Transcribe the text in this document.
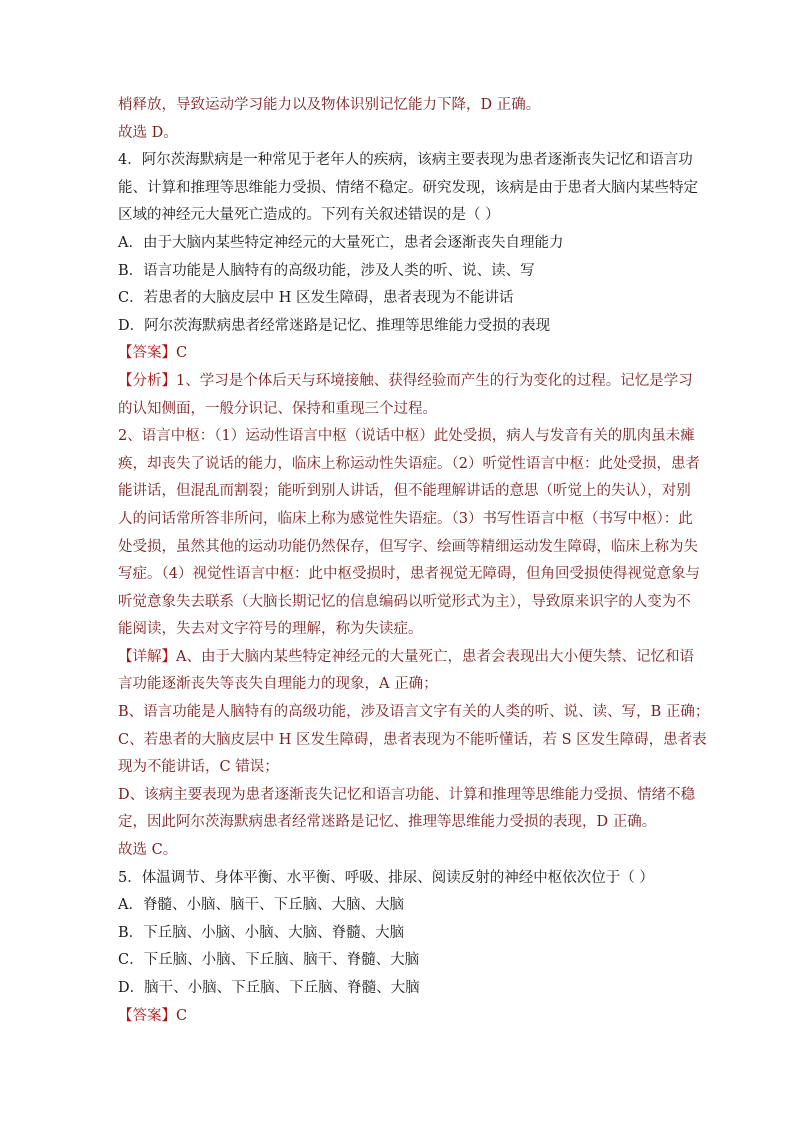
梢释放，导致运动学习能力以及物体识别记忆能力下降，D 正确。
故选 D。
4．阿尔茨海默病是一种常见于老年人的疾病，该病主要表现为患者逐渐丧失记忆和语言功
能、计算和推理等思维能力受损、情绪不稳定。研究发现，该病是由于患者大脑内某些特定
区域的神经元大量死亡造成的。下列有关叙述错误的是（ ）
A．由于大脑内某些特定神经元的大量死亡，患者会逐渐丧失自理能力
B．语言功能是人脑特有的高级功能，涉及人类的听、说、读、写
C．若患者的大脑皮层中 H 区发生障碍，患者表现为不能讲话
D．阿尔茨海默病患者经常迷路是记忆、推理等思维能力受损的表现
【答案】C
【分析】1、学习是个体后天与环境接触、获得经验而产生的行为变化的过程。记忆是学习
的认知侧面，一般分识记、保持和重现三个过程。
2、语言中枢：（1）运动性语言中枢（说话中枢）此处受损，病人与发音有关的肌肉虽未瘫
痪，却丧失了说话的能力，临床上称运动性失语症。（2）听觉性语言中枢：此处受损，患者
能讲话，但混乱而割裂；能听到别人讲话，但不能理解讲话的意思（听觉上的失认），对别
人的问话常所答非所问，临床上称为感觉性失语症。（3）书写性语言中枢（书写中枢）：此
处受损，虽然其他的运动功能仍然保存，但写字、绘画等精细运动发生障碍，临床上称为失
写症。（4）视觉性语言中枢：此中枢受损时，患者视觉无障碍，但角回受损使得视觉意象与
听觉意象失去联系（大脑长期记忆的信息编码以听觉形式为主），导致原来识字的人变为不
能阅读，失去对文字符号的理解，称为失读症。
【详解】A、由于大脑内某些特定神经元的大量死亡，患者会表现出大小便失禁、记忆和语
言功能逐渐丧失等丧失自理能力的现象，A 正确；
B、语言功能是人脑特有的高级功能，涉及语言文字有关的人类的听、说、读、写，B 正确；
C、若患者的大脑皮层中 H 区发生障碍，患者表现为不能听懂话，若 S 区发生障碍，患者表
现为不能讲话，C 错误；
D、该病主要表现为患者逐渐丧失记忆和语言功能、计算和推理等思维能力受损、情绪不稳
定，因此阿尔茨海默病患者经常迷路是记忆、推理等思维能力受损的表现，D 正确。
故选 C。
5．体温调节、身体平衡、水平衡、呼吸、排尿、阅读反射的神经中枢依次位于（ ）
A．脊髓、小脑、脑干、下丘脑、大脑、大脑
B．下丘脑、小脑、小脑、大脑、脊髓、大脑
C．下丘脑、小脑、下丘脑、脑干、脊髓、大脑
D．脑干、小脑、下丘脑、下丘脑、脊髓、大脑
【答案】C
